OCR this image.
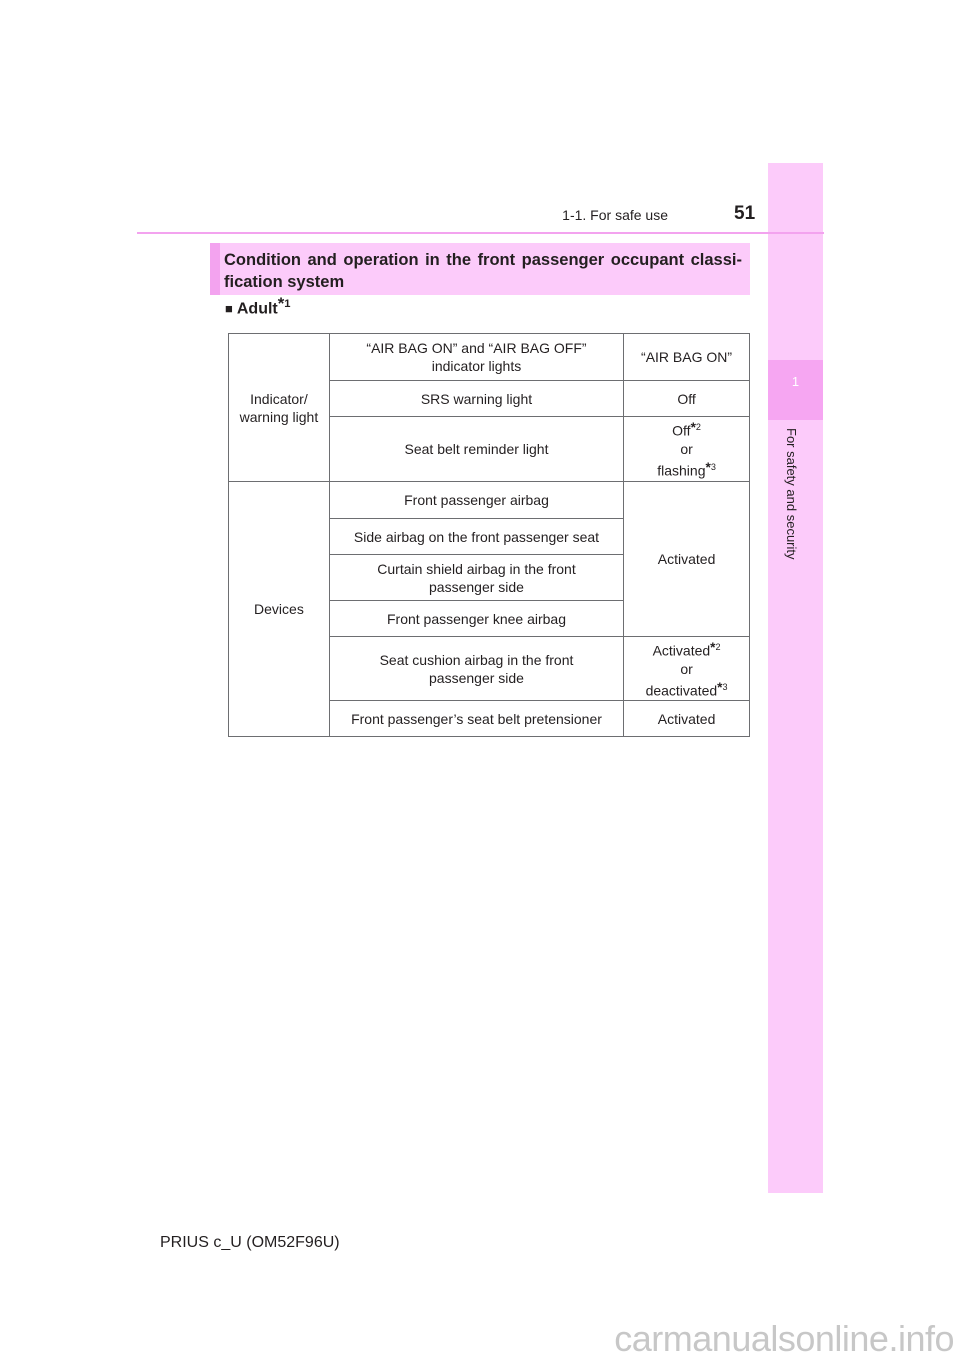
1
For safety and security
1-1. For safe use	51
Condition and operation in the front passenger occupant classi-fication system
■ Adult$^{*1}$
Indicator/ warning light	“AIR BAG ON” and “AIR BAG OFF” indicator lights	“AIR BAG ON”
	SRS warning light	Off
	Seat belt reminder light	Off$^{*2}$
or
flashing$^{*3}$
Devices	Front passenger airbag	Activated
	Side airbag on the front passenger seat	
	Curtain shield airbag in the front passenger side	
	Front passenger knee airbag	
	Seat cushion airbag in the front passenger side	Activated$^{*2}$
or
deactivated$^{*3}$
	Front passenger’s seat belt pretensioner	Activated
PRIUS c_U (OM52F96U)
carmanualsonline.info
